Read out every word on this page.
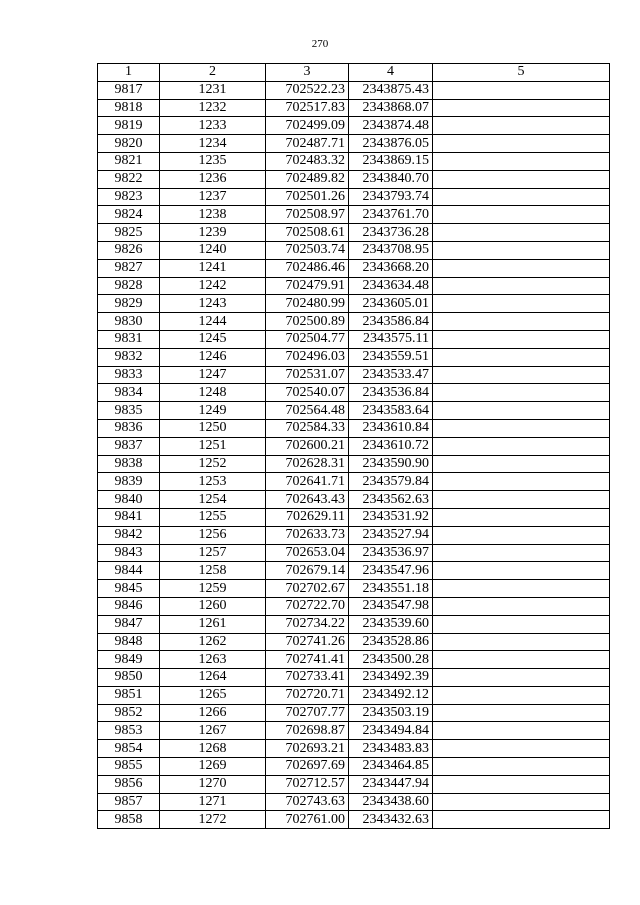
270
1	2	3	4	5
9817	1231	702522.23	2343875.43	
9818	1232	702517.83	2343868.07	
9819	1233	702499.09	2343874.48	
9820	1234	702487.71	2343876.05	
9821	1235	702483.32	2343869.15	
9822	1236	702489.82	2343840.70	
9823	1237	702501.26	2343793.74	
9824	1238	702508.97	2343761.70	
9825	1239	702508.61	2343736.28	
9826	1240	702503.74	2343708.95	
9827	1241	702486.46	2343668.20	
9828	1242	702479.91	2343634.48	
9829	1243	702480.99	2343605.01	
9830	1244	702500.89	2343586.84	
9831	1245	702504.77	2343575.11	
9832	1246	702496.03	2343559.51	
9833	1247	702531.07	2343533.47	
9834	1248	702540.07	2343536.84	
9835	1249	702564.48	2343583.64	
9836	1250	702584.33	2343610.84	
9837	1251	702600.21	2343610.72	
9838	1252	702628.31	2343590.90	
9839	1253	702641.71	2343579.84	
9840	1254	702643.43	2343562.63	
9841	1255	702629.11	2343531.92	
9842	1256	702633.73	2343527.94	
9843	1257	702653.04	2343536.97	
9844	1258	702679.14	2343547.96	
9845	1259	702702.67	2343551.18	
9846	1260	702722.70	2343547.98	
9847	1261	702734.22	2343539.60	
9848	1262	702741.26	2343528.86	
9849	1263	702741.41	2343500.28	
9850	1264	702733.41	2343492.39	
9851	1265	702720.71	2343492.12	
9852	1266	702707.77	2343503.19	
9853	1267	702698.87	2343494.84	
9854	1268	702693.21	2343483.83	
9855	1269	702697.69	2343464.85	
9856	1270	702712.57	2343447.94	
9857	1271	702743.63	2343438.60	
9858	1272	702761.00	2343432.63	
